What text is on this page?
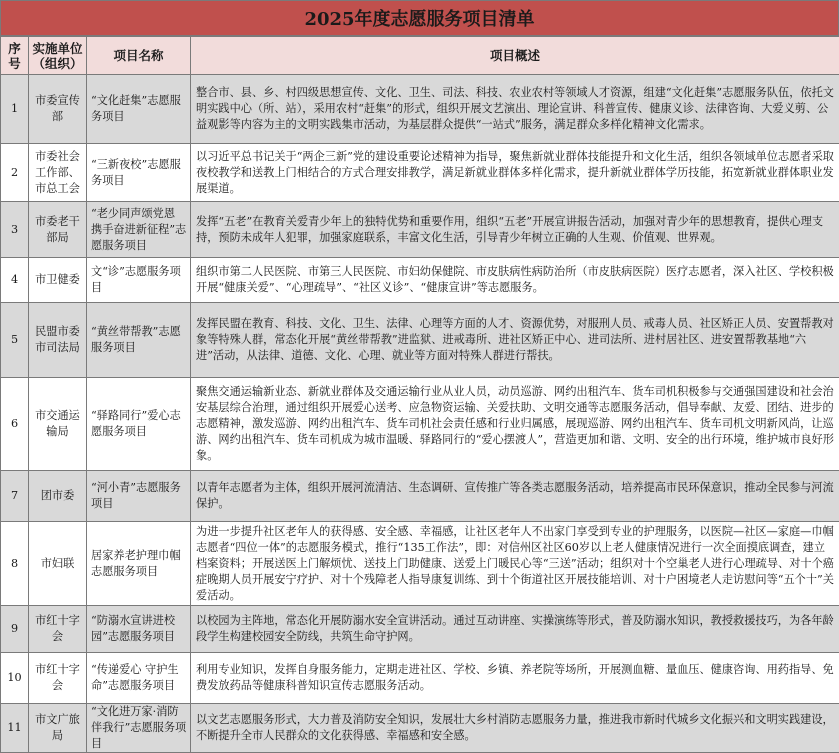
2025年度志愿服务项目清单
序号	实施单位（组织）	项目名称	项目概述
1	市委宣传部	“文化赶集”志愿服务项目	整合市、县、乡、村四级思想宣传、文化、卫生、司法、科技、农业农村等领域人才资源，组建“文化赶集”志愿服务队伍，依托文明实践中心（所、站），采用农村“赶集”的形式，组织开展文艺演出、理论宣讲、科普宣传、健康义诊、法律咨询、大爱义剪、公益观影等内容为主的文明实践集市活动，为基层群众提供“一站式”服务，满足群众多样化精神文化需求。
2	市委社会工作部、市总工会	“三新夜校”志愿服务项目	以习近平总书记关于“两企三新”党的建设重要论述精神为指导，聚焦新就业群体技能提升和文化生活，组织各领域单位志愿者采取夜校教学和送教上门相结合的方式合理安排教学，满足新就业群体多样化需求，提升新就业群体学历技能，拓宽新就业群体职业发展渠道。
3	市委老干部局	“老少同声颂党恩 携手奋进新征程”志愿服务项目	发挥“五老”在教育关爱青少年上的独特优势和重要作用，组织“五老”开展宣讲报告活动，加强对青少年的思想教育，提供心理支持，预防未成年人犯罪，加强家庭联系，丰富文化生活，引导青少年树立正确的人生观、价值观、世界观。
4	市卫健委	文“诊”志愿服务项目	组织市第二人民医院、市第三人民医院、市妇幼保健院、市皮肤病性病防治所（市皮肤病医院）医疗志愿者，深入社区、学校积极开展“健康关爱”、“心理疏导”、“社区义诊”、“健康宣讲”等志愿服务。
5	民盟市委市司法局	“黄丝带帮教”志愿服务项目	发挥民盟在教育、科技、文化、卫生、法律、心理等方面的人才、资源优势，对服刑人员、戒毒人员、社区矫正人员、安置帮教对象等特殊人群，常态化开展“黄丝带帮教”进监狱、进戒毒所、进社区矫正中心、进司法所、进村居社区、进安置帮教基地“六进”活动，从法律、道德、文化、心理、就业等方面对特殊人群进行帮扶。
6	市交通运输局	“驿路同行”爱心志愿服务项目	聚焦交通运输新业态、新就业群体及交通运输行业从业人员，动员巡游、网约出租汽车、货车司机积极参与交通强国建设和社会治安基层综合治理，通过组织开展爱心送考、应急物资运输、关爱扶助、文明交通等志愿服务活动，倡导奉献、友爱、团结、进步的志愿精神，激发巡游、网约出租汽车、货车司机社会责任感和行业归属感，展现巡游、网约出租汽车、货车司机文明新风尚，让巡游、网约出租汽车、货车司机成为城市温暖、驿路同行的“爱心摆渡人”，营造更加和谐、文明、安全的出行环境，维护城市良好形象。
7	团市委	“河小青”志愿服务项目	以青年志愿者为主体，组织开展河流清洁、生态调研、宣传推广等各类志愿服务活动，培养提高市民环保意识，推动全民参与河流保护。
8	市妇联	居家养老护理巾帼志愿服务项目	为进一步提升社区老年人的获得感、安全感、幸福感，让社区老年人不出家门享受到专业的护理服务，以医院—社区—家庭—巾帼志愿者“四位一体”的志愿服务模式，推行“135工作法”，即：对信州区社区60岁以上老人健康情况进行一次全面摸底调查，建立档案资料；开展送医上门解烦忧、送技上门助健康、送爱上门暖民心等“三送”活动；组织对十个空巢老人进行心理疏导、对十个癌症晚期人员开展安宁疗护、对十个残障老人指导康复训练、到十个街道社区开展技能培训、对十户困境老人走访慰问等“五个十”关爱活动。
9	市红十字会	“防溺水宣讲进校园”志愿服务项目	以校园为主阵地，常态化开展防溺水安全宣讲活动。通过互动讲座、实操演练等形式，普及防溺水知识，教授救援技巧，为各年龄段学生构建校园安全防线，共筑生命守护网。
10	市红十字会	“传递爱心 守护生命”志愿服务项目	利用专业知识，发挥自身服务能力，定期走进社区、学校、乡镇、养老院等场所，开展测血糖、量血压、健康咨询、用药指导、免费发放药品等健康科普知识宣传志愿服务活动。
11	市文广旅局	“文化进万家·消防伴我行”志愿服务项目	以文艺志愿服务形式，大力普及消防安全知识，发展壮大乡村消防志愿服务力量，推进我市新时代城乡文化振兴和文明实践建设，不断提升全市人民群众的文化获得感、幸福感和安全感。
